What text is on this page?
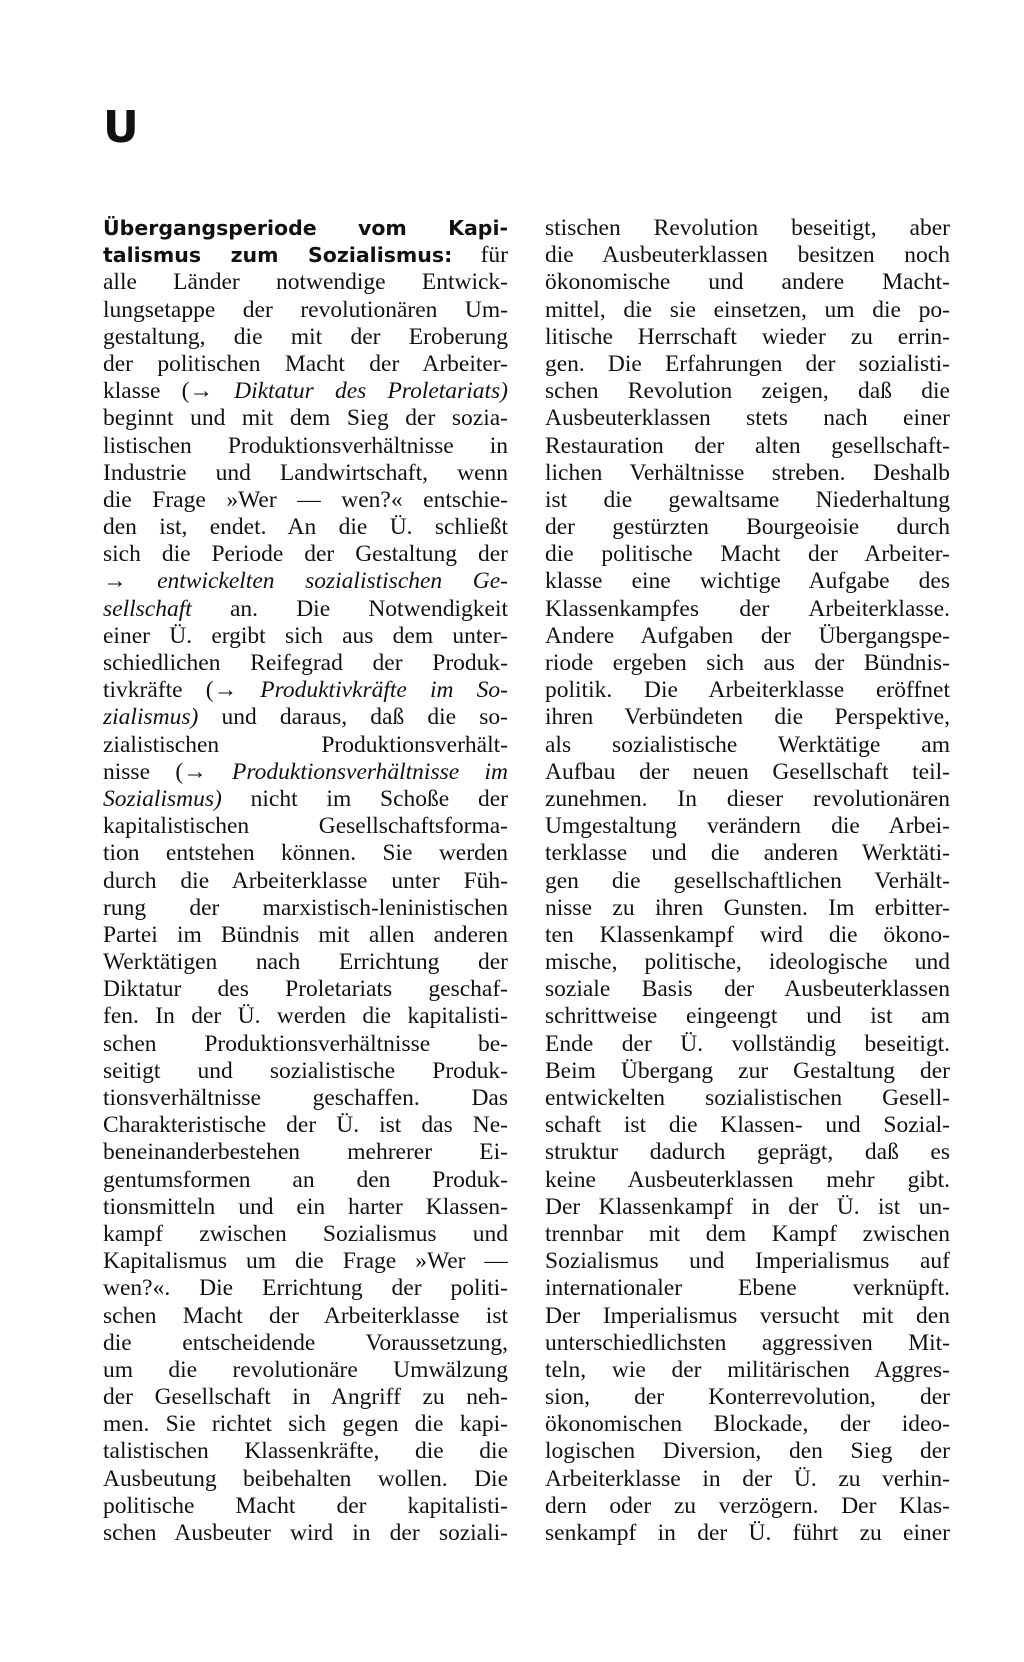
U
Übergangsperiode vom Kapi-
talismus zum Sozialismus: für
alle Länder notwendige Entwick-
lungsetappe der revolutionären Um-
gestaltung, die mit der Eroberung
der politischen Macht der Arbeiter-
klasse (→ Diktatur des Proletariats)
beginnt und mit dem Sieg der sozia-
listischen Produktionsverhältnisse in
Industrie und Landwirtschaft, wenn
die Frage »Wer — wen?« entschie-
den ist, endet. An die Ü. schließt
sich die Periode der Gestaltung der
→ entwickelten sozialistischen Ge-
sellschaft an. Die Notwendigkeit
einer Ü. ergibt sich aus dem unter-
schiedlichen Reifegrad der Produk-
tivkräfte (→ Produktivkräfte im So-
zialismus) und daraus, daß die so-
zialistischen Produktionsverhält-
nisse (→ Produktionsverhältnisse im
Sozialismus) nicht im Schoße der
kapitalistischen Gesellschaftsforma-
tion entstehen können. Sie werden
durch die Arbeiterklasse unter Füh-
rung der marxistisch-leninistischen
Partei im Bündnis mit allen anderen
Werktätigen nach Errichtung der
Diktatur des Proletariats geschaf-
fen. In der Ü. werden die kapitalisti-
schen Produktionsverhältnisse be-
seitigt und sozialistische Produk-
tionsverhältnisse geschaffen. Das
Charakteristische der Ü. ist das Ne-
beneinanderbestehen mehrerer Ei-
gentumsformen an den Produk-
tionsmitteln und ein harter Klassen-
kampf zwischen Sozialismus und
Kapitalismus um die Frage »Wer —
wen?«. Die Errichtung der politi-
schen Macht der Arbeiterklasse ist
die entscheidende Voraussetzung,
um die revolutionäre Umwälzung
der Gesellschaft in Angriff zu neh-
men. Sie richtet sich gegen die kapi-
talistischen Klassenkräfte, die die
Ausbeutung beibehalten wollen. Die
politische Macht der kapitalisti-
schen Ausbeuter wird in der soziali-
stischen Revolution beseitigt, aber
die Ausbeuterklassen besitzen noch
ökonomische und andere Macht-
mittel, die sie einsetzen, um die po-
litische Herrschaft wieder zu errin-
gen. Die Erfahrungen der sozialisti-
schen Revolution zeigen, daß die
Ausbeuterklassen stets nach einer
Restauration der alten gesellschaft-
lichen Verhältnisse streben. Deshalb
ist die gewaltsame Niederhaltung
der gestürzten Bourgeoisie durch
die politische Macht der Arbeiter-
klasse eine wichtige Aufgabe des
Klassenkampfes der Arbeiterklasse.
Andere Aufgaben der Übergangspe-
riode ergeben sich aus der Bündnis-
politik. Die Arbeiterklasse eröffnet
ihren Verbündeten die Perspektive,
als sozialistische Werktätige am
Aufbau der neuen Gesellschaft teil-
zunehmen. In dieser revolutionären
Umgestaltung verändern die Arbei-
terklasse und die anderen Werktäti-
gen die gesellschaftlichen Verhält-
nisse zu ihren Gunsten. Im erbitter-
ten Klassenkampf wird die ökono-
mische, politische, ideologische und
soziale Basis der Ausbeuterklassen
schrittweise eingeengt und ist am
Ende der Ü. vollständig beseitigt.
Beim Übergang zur Gestaltung der
entwickelten sozialistischen Gesell-
schaft ist die Klassen- und Sozial-
struktur dadurch geprägt, daß es
keine Ausbeuterklassen mehr gibt.
Der Klassenkampf in der Ü. ist un-
trennbar mit dem Kampf zwischen
Sozialismus und Imperialismus auf
internationaler Ebene verknüpft.
Der Imperialismus versucht mit den
unterschiedlichsten aggressiven Mit-
teln, wie der militärischen Aggres-
sion, der Konterrevolution, der
ökonomischen Blockade, der ideo-
logischen Diversion, den Sieg der
Arbeiterklasse in der Ü. zu verhin-
dern oder zu verzögern. Der Klas-
senkampf in der Ü. führt zu einer
